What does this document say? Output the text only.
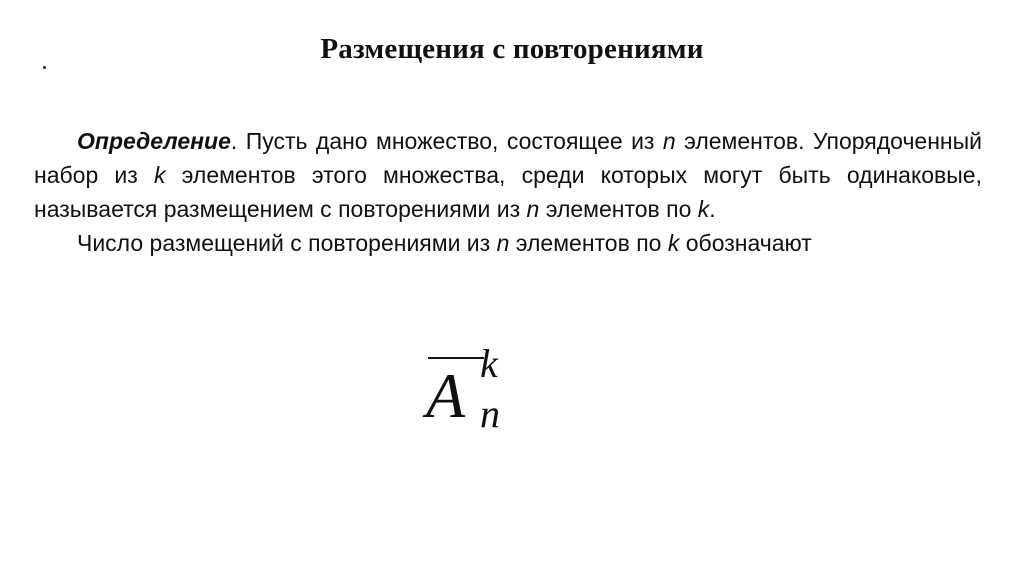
Размещения с повторениями

Определение. Пусть дано множество, состоящее из n элементов. Упорядоченный набор из k элементов этого множества, среди которых могут быть одинаковые, называется размещением с повторениями из n элементов по k.

Число размещений с повторениями из n элементов по k обозначают

A k
n
